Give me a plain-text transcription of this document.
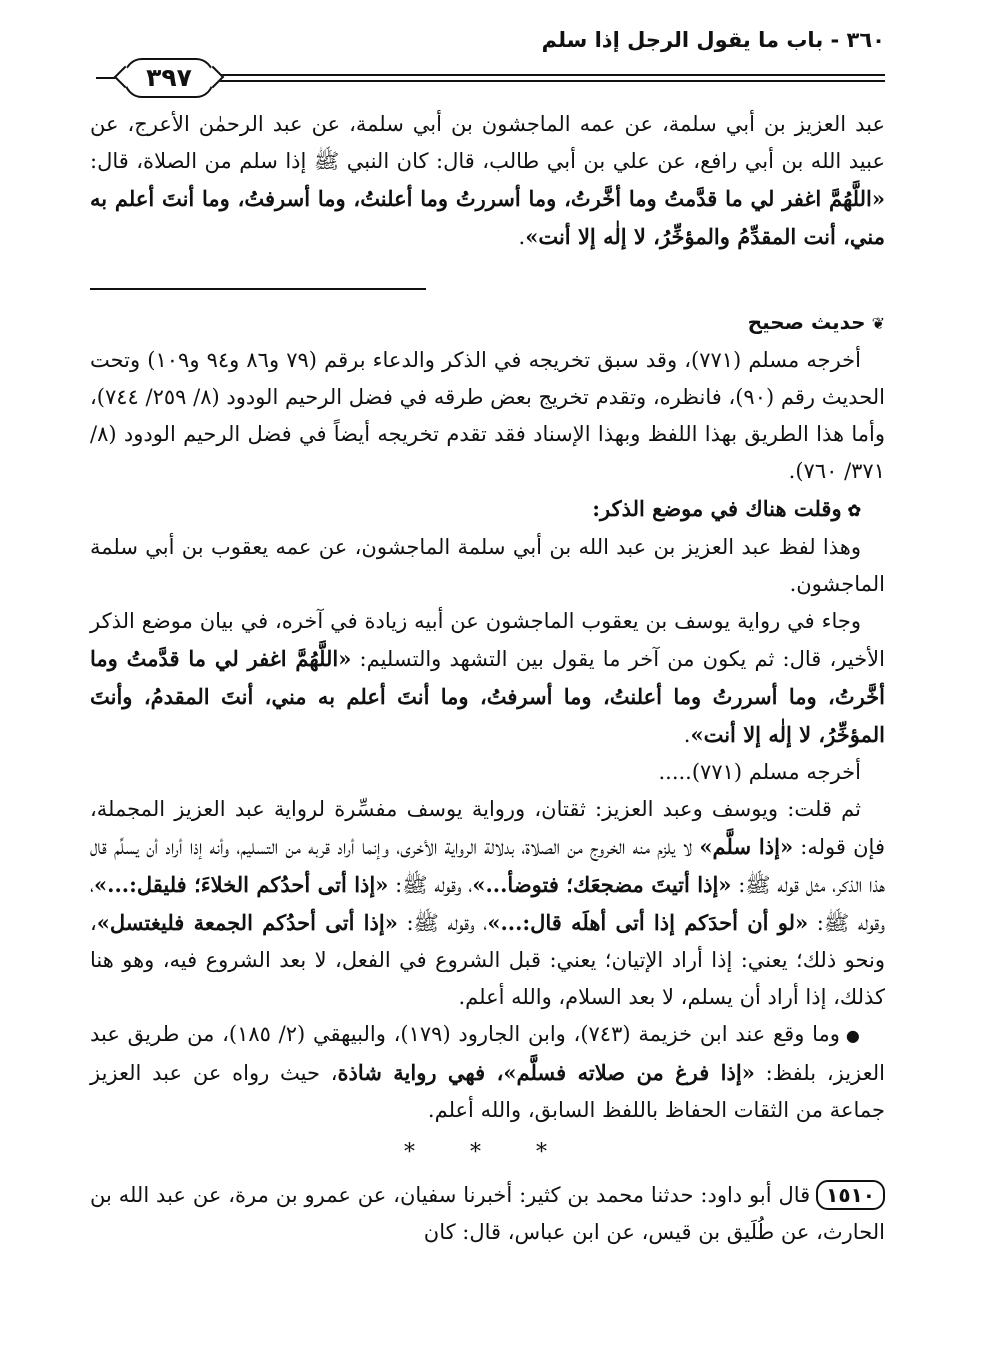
٣٦٠ - باب ما يقول الرجل إذا سلم
٣٩٧

عبد العزيز بن أبي سلمة، عن عمه الماجشون بن أبي سلمة، عن عبد الرحمٰن الأعرج، عن عبيد الله بن أبي رافع، عن علي بن أبي طالب، قال: كان النبي ﷺ إذا سلم من الصلاة، قال: «اللَّهُمَّ اغفر لي ما قدَّمتُ وما أخَّرتُ، وما أسررتُ وما أعلنتُ، وما أسرفتُ، وما أنتَ أعلم به مني، أنت المقدِّمُ والمؤخِّرُ، لا إلٰه إلا أنت».

❦حديث صحيح

أخرجه مسلم (٧٧١)، وقد سبق تخريجه في الذكر والدعاء برقم (٧٩ و٨٦ و٩٤ و١٠٩) وتحت الحديث رقم (٩٠)، فانظره، وتقدم تخريج بعض طرقه في فضل الرحيم الودود (٨/ ٢٥٩/ ٧٤٤)، وأما هذا الطريق بهذا اللفظ وبهذا الإسناد فقد تقدم تخريجه أيضاً في فضل الرحيم الودود (٨/ ٣٧١/ ٧٦٠).

✿وقلت هناك في موضع الذكر:

وهذا لفظ عبد العزيز بن عبد الله بن أبي سلمة الماجشون، عن عمه يعقوب بن أبي سلمة الماجشون.

وجاء في رواية يوسف بن يعقوب الماجشون عن أبيه زيادة في آخره، في بيان موضع الذكر الأخير، قال: ثم يكون من آخر ما يقول بين التشهد والتسليم: «اللَّهُمَّ اغفر لي ما قدَّمتُ وما أخَّرتُ، وما أسررتُ وما أعلنتُ، وما أسرفتُ، وما أنتَ أعلم به مني، أنتَ المقدمُ، وأنتَ المؤخِّرُ، لا إلٰه إلا أنت».

أخرجه مسلم (٧٧١).....

ثم قلت: ويوسف وعبد العزيز: ثقتان، ورواية يوسف مفسِّرة لرواية عبد العزيز المجملة، فإن قوله: «إذا سلَّم» لا يلزم منه الخروج من الصلاة، بدلالة الرواية الأخرى، وإنما أراد قربه من التسليم، وأنه إذا أراد أن يسلِّم قال هذا الذكر، مثل قوله ﷺ: «إذا أتيتَ مضجعَك؛ فتوضأ...»، وقوله ﷺ: «إذا أتى أحدُكم الخلاءَ؛ فليقل:...»، وقوله ﷺ: «لو أن أحدَكم إذا أتى أهلَه قال:...»، وقوله ﷺ: «إذا أتى أحدُكم الجمعة فليغتسل»، ونحو ذلك؛ يعني: إذا أراد الإتيان؛ يعني: قبل الشروع في الفعل، لا بعد الشروع فيه، وهو هنا كذلك، إذا أراد أن يسلم، لا بعد السلام، والله أعلم.

●وما وقع عند ابن خزيمة (٧٤٣)، وابن الجارود (١٧٩)، والبيهقي (٢/ ١٨٥)، من طريق عبد العزيز، بلفظ: «إذا فرغ من صلاته فسلَّم»، فهي رواية شاذة، حيث رواه عن عبد العزيز جماعة من الثقات الحفاظ باللفظ السابق، والله أعلم.

* * *

١٥١٠قال أبو داود: حدثنا محمد بن كثير: أخبرنا سفيان، عن عمرو بن مرة، عن عبد الله بن الحارث، عن طُلَيق بن قيس، عن ابن عباس، قال: كان
